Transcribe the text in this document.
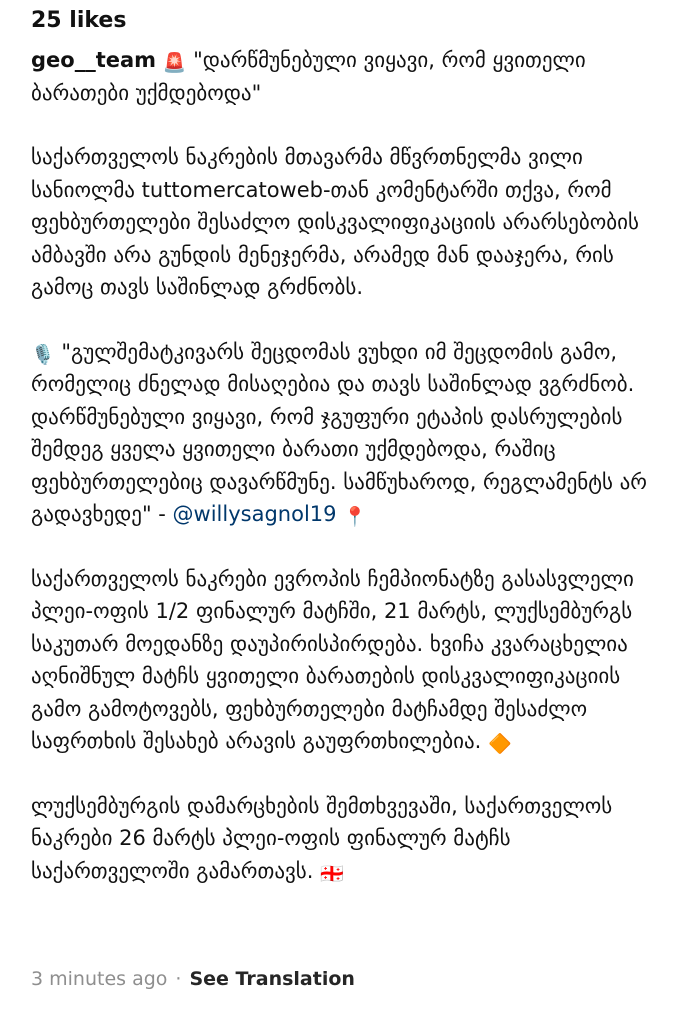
25 likes

geo__team 🚨 "დარწმუნებული ვიყავი, რომ ყვითელი ბარათები უქმდებოდა"

საქართველოს ნაკრების მთავარმა მწვრთნელმა ვილი სანიოლმა tuttomercatoweb-თან კომენტარში თქვა, რომ ფეხბურთელები შესაძლო დისკვალიფიკაციის არარსებობის ამბავში არა გუნდის მენეჯერმა, არამედ მან დააჯერა, რის გამოც თავს საშინლად გრძნობს.

🎙️ "გულშემატკივარს შეცდომას ვუხდი იმ შეცდომის გამო, რომელიც ძნელად მისაღებია და თავს საშინლად ვგრძნობ. დარწმუნებული ვიყავი, რომ ჯგუფური ეტაპის დასრულების შემდეგ ყველა ყვითელი ბარათი უქმდებოდა, რაშიც ფეხბურთელებიც დავარწმუნე. სამწუხაროდ, რეგლამენტს არ გადავხედე" - @willysagnol19 📍

საქართველოს ნაკრები ევროპის ჩემპიონატზე გასასვლელი პლეი-ოფის 1/2 ფინალურ მატჩში, 21 მარტს, ლუქსემბურგს საკუთარ მოედანზე დაუპირისპირდება. ხვიჩა კვარაცხელია აღნიშნულ მატჩს ყვითელი ბარათების დისკვალიფიკაციის გამო გამოტოვებს, ფეხბურთელები მატჩამდე შესაძლო საფრთხის შესახებ არავის გაუფრთხილებია. 🔶

ლუქსემბურგის დამარცხების შემთხვევაში, საქართველოს ნაკრები 26 მარტს პლეი-ოფის ფინალურ მატჩს საქართველოში გამართავს. 🇬🇪

3 minutes ago · See Translation
